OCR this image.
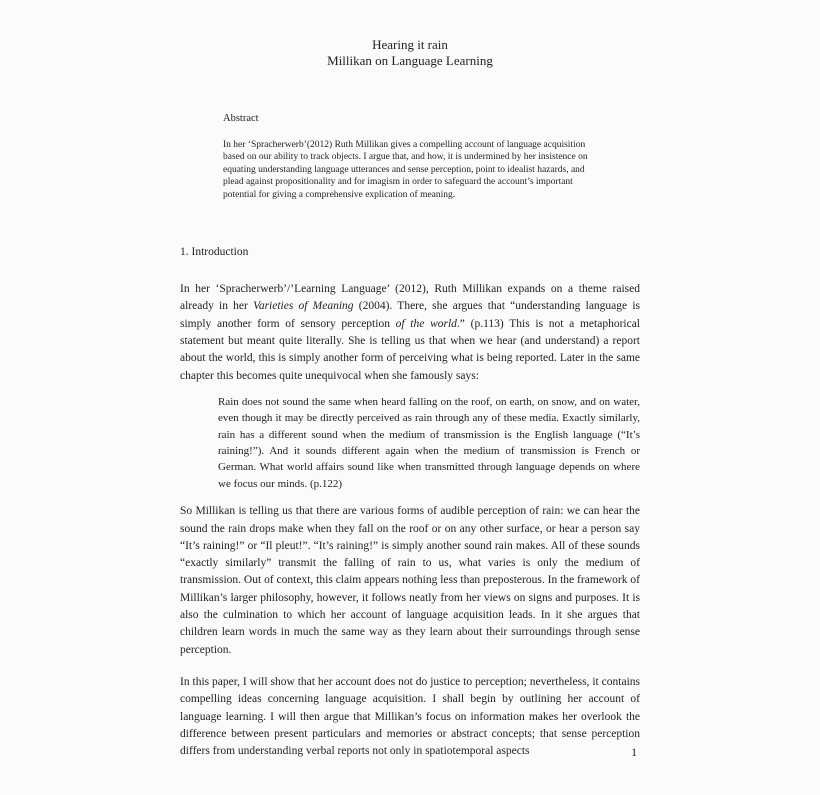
Hearing it rain
Millikan on Language Learning
Abstract

In her ‘Spracherwerb’(2012) Ruth Millikan gives a compelling account of language acquisition based on our ability to track objects. I argue that, and how, it is undermined by her insistence on equating understanding language utterances and sense perception, point to idealist hazards, and plead against propositionality and for imagism in order to safeguard the account’s important potential for giving a comprehensive explication of meaning.

1. Introduction

In her ‘Spracherwerb’/’Learning Language’ (2012), Ruth Millikan expands on a theme raised already in her Varieties of Meaning (2004). There, she argues that “understanding language is simply another form of sensory perception of the world.” (p.113) This is not a metaphorical statement but meant quite literally. She is telling us that when we hear (and understand) a report about the world, this is simply another form of perceiving what is being reported. Later in the same chapter this becomes quite unequivocal when she famously says:

Rain does not sound the same when heard falling on the roof, on earth, on snow, and on water, even though it may be directly perceived as rain through any of these media. Exactly similarly, rain has a different sound when the medium of transmission is the English language (“It’s raining!”). And it sounds different again when the medium of transmission is French or German. What world affairs sound like when transmitted through language depends on where we focus our minds. (p.122)

So Millikan is telling us that there are various forms of audible perception of rain: we can hear the sound the rain drops make when they fall on the roof or on any other surface, or hear a person say “It’s raining!” or “Il pleut!”. “It’s raining!” is simply another sound rain makes. All of these sounds “exactly similarly” transmit the falling of rain to us, what varies is only the medium of transmission. Out of context, this claim appears nothing less than preposterous. In the framework of Millikan’s larger philosophy, however, it follows neatly from her views on signs and purposes. It is also the culmination to which her account of language acquisition leads. In it she argues that children learn words in much the same way as they learn about their surroundings through sense perception.

In this paper, I will show that her account does not do justice to perception; nevertheless, it contains compelling ideas concerning language acquisition. I shall begin by outlining her account of language learning. I will then argue that Millikan’s focus on information makes her overlook the difference between present particulars and memories or abstract concepts; that sense perception differs from understanding verbal reports not only in spatiotemporal aspects	1
